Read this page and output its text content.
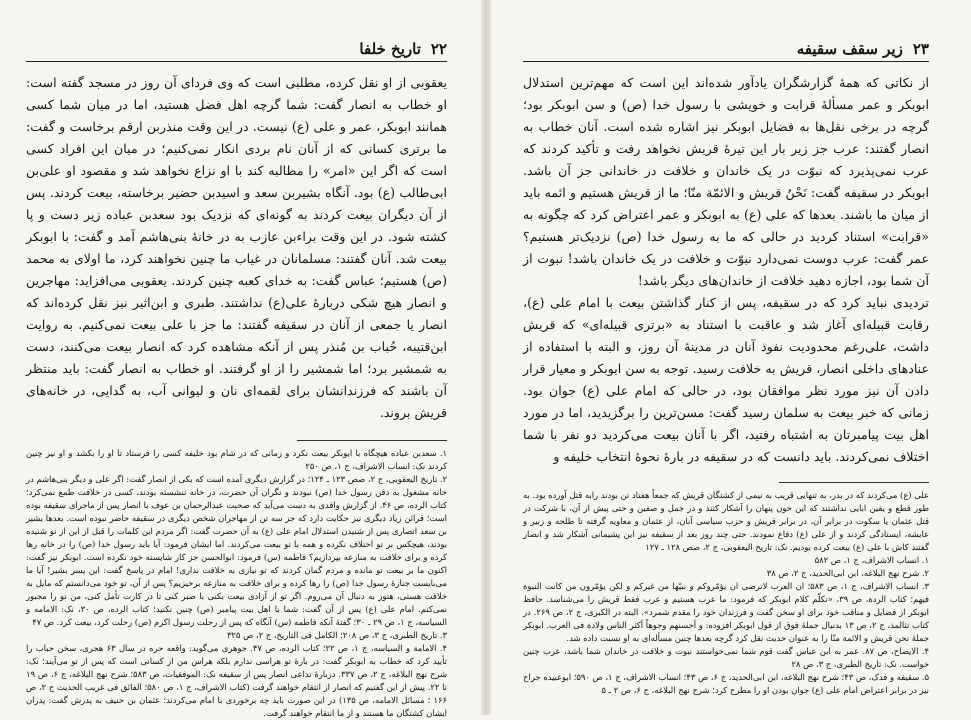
۲۲
تاریخ خلفا

یعقوبی از او نقل کرده، مطلبی است که وی فردای آن روز در مسجد گفته است: او خطاب به انصار گفت: شما گرچه اهل فضل هستید، اما در میان شما کسی همانند ابوبکر، عمر و علی (ع) نیست. در این وقت منذربن ارقم برخاست و گفت: ما برتری کسانی که از آنان نام بردی انکار نمی‌کنیم؛ در میان این افراد کسی است که اگر این «امر» را مطالبه کند با او نزاع نخواهد شد و مقصود او علی‌بن ابی‌طالب (ع) بود. آنگاه بشیربن سعد و اسید‌بن حضیر برخاسته، بیعت کردند. پس از آن دیگران بیعت کردند به گونه‌ای که نزدیک بود سعدبن عباده زیر دست و پا کشته شود. در این وقت براءبن عازب به در خانهٔ بنی‌هاشم آمد و گفت: با ابوبکر بیعت شد. آنان گفتند: مسلمانان در غیاب ما چنین نخواهند کرد، ما اولای به محمد (ص) هستیم؛ عباس گفت: به خدای کعبه چنین کردند. یعقوبی می‌افزاید: مهاجرین و انصار هیچ شکی دربارهٔ علی(ع) نداشتند. طبری و ابن‌اثیر نیز نقل کرده‌اند که انصار یا جمعی از آنان در سقیفه گفتند: ما جز با علی بیعت نمی‌کنیم. به روایت ابن‌قتیبه، حُباب بن مُنذر پس از آنکه مشاهده کرد که انصار بیعت می‌کنند، دست به شمشیر برد؛ اما شمشیر را از او گرفتند. او خطاب به انصار گفت: باید منتظر آن باشند که فرزندانشان برای لقمه‌ای نان و لیوانی آب، به گدایی، در خانه‌های قریش بروند.

۱. سعدبن عباده هیچگاه با ابوبکر بیعت نکرد و زمانی که در شام بود خلیفه کسی را فرستاد تا او را بکشد و او نیز چنین کردند نک: انساب الاشراف، ج ۱، ص ۲۵۰

۲. تاریخ الیعقوبی، ج ۲، صص ۱۲۳ ـ ۱۲۴؛ در گزارش دیگری آمده است که یکی از انصار گفت: اگر علی و دیگر بنی‌هاشم در خانه مشغول به دفن رسول خدا (ص) نبودند و نگران آن حضرت، در خانه ننشسته بودند، کسی در خلافت طمع نمی‌کرد؛ کتاب الرده، ص ۴۶. از گزارش واقدی به دست می‌آید که صحبت عبدالرحمان بن عوف با انصار پس از ماجرای سقیفه بوده است؛ قرائن زیاد دیگری نیز حکایت دارد که جز سه تن از مهاجران شخص دیگری در سقیفه حاضر نبوده است. بعدها بشیر بن سعد انصاری پس از شنیدن استدلال امام علی (ع) به آن حضرت گفت: اگر مردم این کلمات را قبل از این از تو شنیده بودند، هیچکس بر تو اختلاف نکرده و همه با تو بیعت می‌کردند. اما ایشان فرمود: آیا باید رسول خدا (ص) را در خانه رها کرده و برای خلافت به منازعه بپردازیم؟ فاطمه (س) فرمود: ابوالحسن جز کار شایسته خود نکرده است. ابوبکر نیز گفت: اکنون ما بر بیعت تو مانده و مردم گمان کردند که تو نیازی به خلافت نداری! امام در پاسخ گفت: این پسر بشیر! آیا ما می‌بایست جنازهٔ رسول خدا (ص) را رها کرده و برای خلافت به منازعه برخیزیم؟ پس از آن، تو خود می‌دانستم که مایل به خلافت هستی، هنوز به دنبال آن می‌روم. اگر تو از آزادی بیعت بکنی با صبر کنی تا در کارت تأمل کنی، من تو را مجبور نمی‌کنم. امام علی (ع) پس از آن گفت: شما با اهل بیت پیامبر (ص) چنین نکنید؛ کتاب الرده، ص ۳۰، نک: الامامه و السیاسه، ج ۱، ص ۲۹ ـ ۳۰؛ گفتهٔ آنکه فاطمه (س) آنگاه که پس از رحلت رسول اکرم (ص) رحلت کرد، بیعت کرد. ص ۴۷

۳. تاریخ الطبری، ج ۳، ص ۲۰۸؛ الکامل فی التاریخ، ج ۲، ص ۳۲۵

۴. الامامة و السیاسه، ج ۱، ص ۲۲؛ کتاب الرده، ص ۴۷. جوهری می‌گوید: واقعه حره در سال ۶۳ هجری، سخن حباب را تأیید کرد که خطاب به ابوبکر گفت: در بارهٔ تو هراسی ندارم بلکه هراس من از کسانی است که پس از تو می‌آیند؛ نک: شرح نهج البلاغه، ج ۲، ص ۳۳۷. دربارهٔ تداعی انصار پس از سقیفه نک: الموفقیات، ص ۵۸۳؛ شرح نهج البلاغه، ج ۶، ص ۱۹ تا ۲۲. پیش از این گفتیم که انصار از انتقام خواهند گرفت (کتاب الاشراف، ج ۱، ص ۵۸۰؛ الفائق فی غریب الحدیث ج ۲، ص ۱۶۶ ؛ مسائل الامامه، ص ۱۳۵) در این صورت باید چه برخوردی با امام می‌کردند؛ عثمان بن حنیف به پدرش گفت: پدران ایشان کشتگان ما هستند و از ما انتقام خواهند گرفت.

۲۳
زیر سقف سقیفه

از نکاتی که همهٔ گزارشگران یادآور شده‌اند این است که مهم‌ترین استدلال ابوبکر و عمر مسألهٔ قرابت و خویشی با رسول خدا (ص) و سن ابوبکر بود؛ گرچه در برخی نقل‌ها به فضایل ابوبکر نیز اشاره شده است. آنان خطاب به انصار گفتند: عرب جز زیر بار این تیرهٔ قریش نخواهد رفت و تأکید کردند که عرب نمی‌پذیرد که نبوّت در یک خاندان و خلافت در خاندانی جز آن باشد. ابوبکر در سقیفه گفت: نَحْنُ قریش و الائمّة منّا؛ ما از قریش هستیم و ائمه باید از میان ما باشند. بعدها که علی (ع) به ابوبکر و عمر اعتراض کرد که چگونه به «قرابت» استناد کردید در حالی که ما به رسول خدا (ص) نزدیک‌تر هستیم؟ عمر گفت: عرب دوست نمی‌دارد نبوّت و خلافت در یک خاندان باشد! نبوت از آن شما بود، اجازه دهید خلافت از خاندان‌های دیگر باشد!

تردیدی نباید کرد که در سقیفه، پس از کنار گذاشتن بیعت با امام علی (ع)، رقابت قبیله‌ای آغاز شد و عاقبت با استناد به «برتری قبیله‌ای» که قریش داشت، علی‌رغم محدودیت نفوذ آنان در مدینهٔ آن روز، و البته با استفاده از عنادهای داخلی انصار، قریش به خلافت رسید. توجه به سن ابوبکر و معیار قرار دادن آن نیز مورد نظر موافقان بود، در حالی که امام علی (ع) جوان بود. زمانی که خبر بیعت به سلمان رسید گفت: مسن‌ترین را برگزیدید، اما در مورد اهل بیت پیامبرتان به اشتباه رفتید، اگر با آنان بیعت می‌کردید دو نفر با شما اختلاف نمی‌کردند. باید دانست که در سقیفه در بارهٔ نحوهٔ انتخاب خلیفه و

علی (ع) می‌کردند که در بدر، به تنهایی قریب به نیمی از کشتگان قریش که جمعاً هفتاد تن بودند رابه قتل آورده بود. به طور قطع و یقین ابایی نداشتند که این خون پنهان را آشکار کنند و در جمل و صفین و حتی پیش از آن، با شرکت در قتل عثمان یا سکوت در برابر آن، در برابر قریش و حزب سیاسی آنان، از عثمان و معاویه گرفته تا طلحه و زبیر و عایشه، ایستادگی کردند و از علی (ع) دفاع نمودند. حتی چند روز بعد از سقیفه نیز این پشیمانی آشکار شد و انصار گفتند کاش با علی (ع) بیعت کرده بودیم. نک: تاریخ الیعقوبی، ج ۲، صص ۱۲۸ ـ ۱۲۷

۱. انساب الاشراف، ج ۱، ص ۵۸۲

۲. شرح نهج البلاغه، ابن ابی‌الحدید، ج ۲، ص ۳۸

۳. انساب الاشراف، ج ۱، ص ۵۸۳؛ ان العرب لاترضی ان یؤمّروکم و نبیّها من غیرکم و لکن یؤمّرون من کانت النبوة فیهم؛ کتاب الردة، ص ۳۹، «تکلّم کلام ابوبکر که فرمود: ما عرب هستیم و عرب فقط قریش را می‌شناسد. حافظ ابوبکر از فضایل و مناقب خود برای او سخن گفت و فرزندان خود را مقدم شمرد». البته در الکبری، ج ۲، ص ۲۶۹. در کتاب تثالمذ، ج ۲، ص ۱۳ بدنیال جملهٔ فوق از قول ابوبکر افزوده: و أحسنهم وجوهاً أکثر الناس ولادة فی العرب. ابوبکر جملهٔ نحن قریش و الائمة منّا را به عنوان حدیث نقل کرد گرچه بعدها چنین مسأله‌ای به او نسبت داده شد.

۴. الایضاح، ص ۸۷. عمر به ابن عباس گفت قوم شما نمی‌خواستند نبوت و خلافت در خاندان شما باشد، عرب چنین خواست. نک: تاریخ الطبری، ج ۳، ص ۲۸

۵. سقیفه و فدک، ص ۴۳؛ شرح نهج البلاغه، ابن ابی‌الحدید، ج ۶، ص ۴۳؛ انساب الاشراف، ج ۱، ص ۵۹۰؛ ابوعبیده جراح نیز در برابر اعتراض امام علی (ع) جوان بودن او را مطرح کرد؛ شرح نهج البلاغه، ج ۶، ص ۲ ـ ۵
